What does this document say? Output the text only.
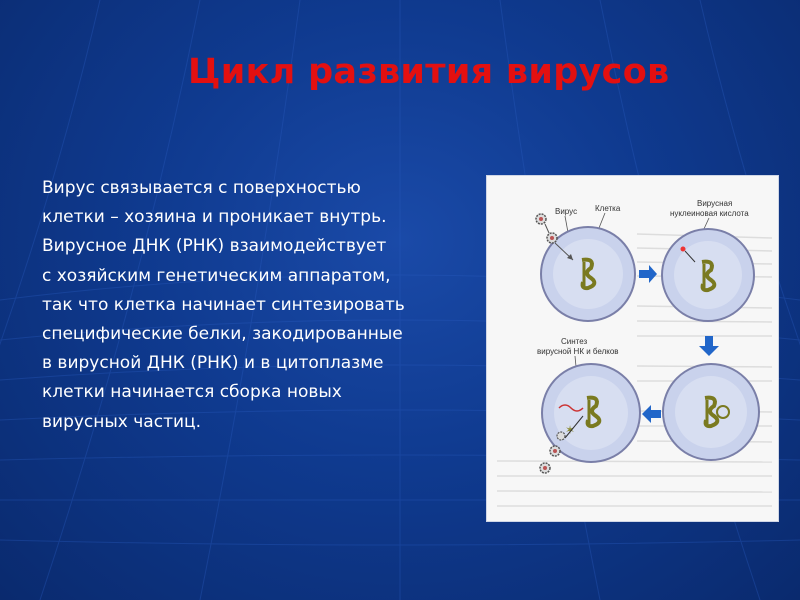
Цикл развития вирусов
Вирус связывается с поверхностью
клетки – хозяина и проникает внутрь.
Вирусное ДНК (РНК) взаимодействует
с хозяйским генетическим аппаратом,
так что клетка начинает синтезировать
специфические белки, закодированные
в вирусной ДНК (РНК) и в цитоплазме
клетки начинается сборка новых
вирусных частиц.
Вирус Клетка
Вирусная
нуклеиновая кислота
Синтез
вирусной НК и белков
✶
